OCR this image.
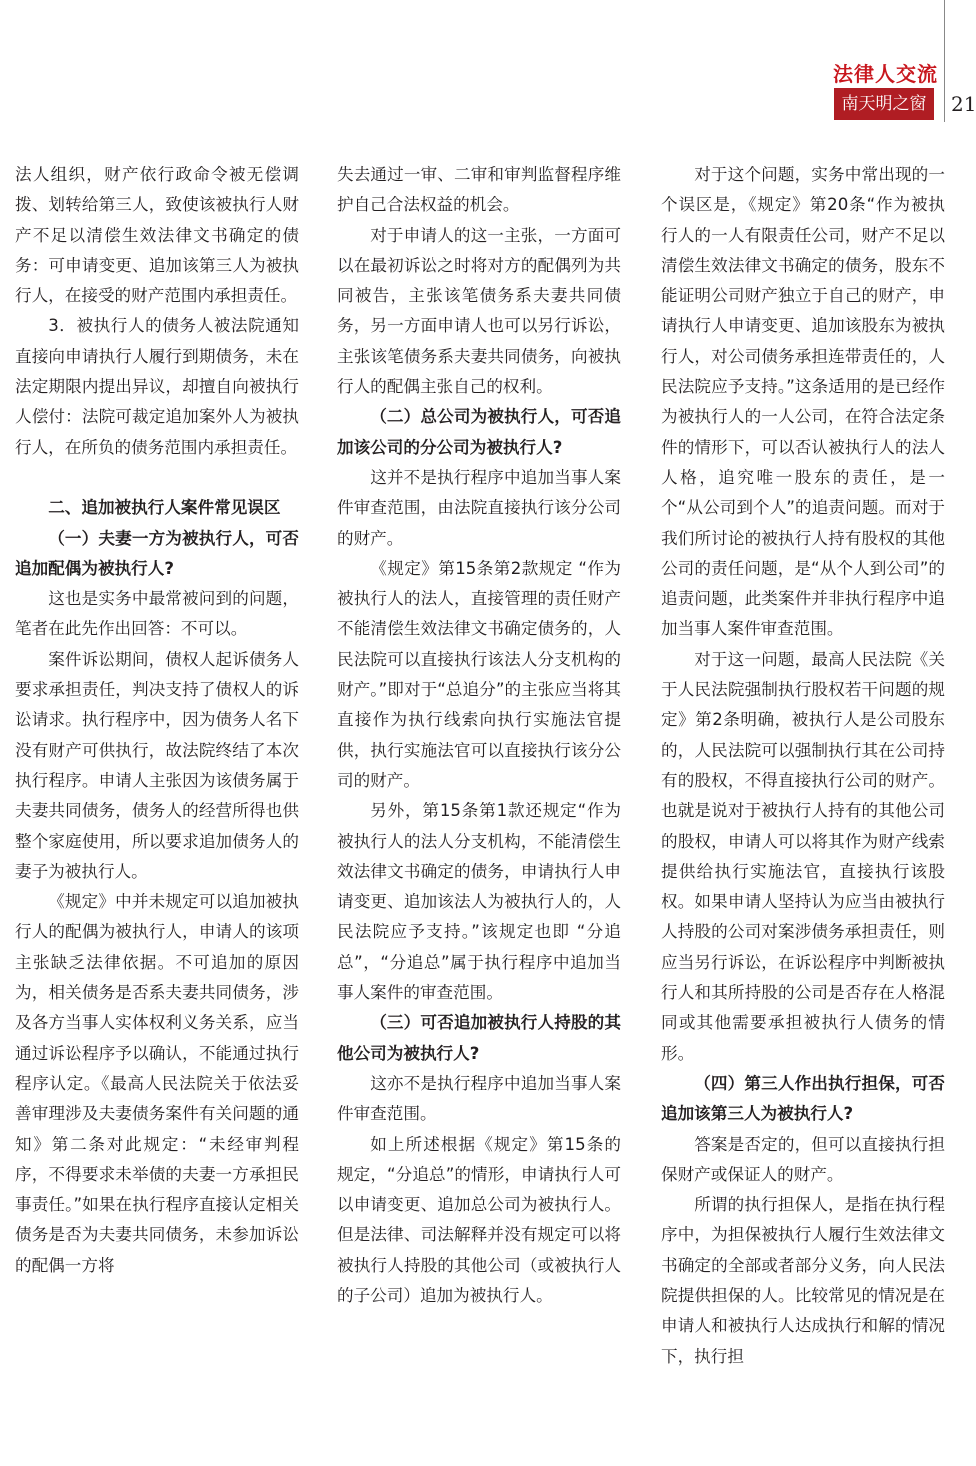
法律人交流
南天明之窗	21

法人组织，财产依行政命令被无偿调拨、划转给第三人，致使该被执行人财产不足以清偿生效法律文书确定的债务：可申请变更、追加该第三人为被执行人，在接受的财产范围内承担责任。

3．被执行人的债务人被法院通知直接向申请执行人履行到期债务，未在法定期限内提出异议，却擅自向被执行人偿付：法院可裁定追加案外人为被执行人，在所负的债务范围内承担责任。

二、追加被执行人案件常见误区

（一）夫妻一方为被执行人，可否追加配偶为被执行人?

这也是实务中最常被问到的问题，笔者在此先作出回答：不可以。

案件诉讼期间，债权人起诉债务人要求承担责任，判决支持了债权人的诉讼请求。执行程序中，因为债务人名下没有财产可供执行，故法院终结了本次执行程序。申请人主张因为该债务属于夫妻共同债务，债务人的经营所得也供整个家庭使用，所以要求追加债务人的妻子为被执行人。

《规定》中并未规定可以追加被执行人的配偶为被执行人，申请人的该项主张缺乏法律依据。不可追加的原因为，相关债务是否系夫妻共同债务，涉及各方当事人实体权利义务关系，应当通过诉讼程序予以确认，不能通过执行程序认定。《最高人民法院关于依法妥善审理涉及夫妻债务案件有关问题的通知》第二条对此规定：“未经审判程序，不得要求未举债的夫妻一方承担民事责任。”如果在执行程序直接认定相关债务是否为夫妻共同债务，未参加诉讼的配偶一方将

失去通过一审、二审和审判监督程序维护自己合法权益的机会。

对于申请人的这一主张，一方面可以在最初诉讼之时将对方的配偶列为共同被告，主张该笔债务系夫妻共同债务，另一方面申请人也可以另行诉讼，主张该笔债务系夫妻共同债务，向被执行人的配偶主张自己的权利。

（二）总公司为被执行人，可否追加该公司的分公司为被执行人?

这并不是执行程序中追加当事人案件审查范围，由法院直接执行该分公司的财产。

《规定》第15条第2款规定 “作为被执行人的法人，直接管理的责任财产不能清偿生效法律文书确定债务的，人民法院可以直接执行该法人分支机构的财产。”即对于“总追分”的主张应当将其直接作为执行线索向执行实施法官提供，执行实施法官可以直接执行该分公司的财产。

另外，第15条第1款还规定“作为被执行人的法人分支机构，不能清偿生效法律文书确定的债务，申请执行人申请变更、追加该法人为被执行人的，人民法院应予支持。”该规定也即 “分追总”，“分追总”属于执行程序中追加当事人案件的审查范围。

（三）可否追加被执行人持股的其他公司为被执行人?

这亦不是执行程序中追加当事人案件审查范围。

如上所述根据《规定》第15条的规定，“分追总”的情形，申请执行人可以申请变更、追加总公司为被执行人。但是法律、司法解释并没有规定可以将被执行人持股的其他公司（或被执行人的子公司）追加为被执行人。

对于这个问题，实务中常出现的一个误区是，《规定》第20条“作为被执行人的一人有限责任公司，财产不足以清偿生效法律文书确定的债务，股东不能证明公司财产独立于自己的财产，申请执行人申请变更、追加该股东为被执行人，对公司债务承担连带责任的，人民法院应予支持。”这条适用的是已经作为被执行人的一人公司，在符合法定条件的情形下，可以否认被执行人的法人人格，追究唯一股东的责任，是一个“从公司到个人”的追责问题。而对于我们所讨论的被执行人持有股权的其他公司的责任问题，是“从个人到公司”的追责问题，此类案件并非执行程序中追加当事人案件审查范围。

对于这一问题，最高人民法院《关于人民法院强制执行股权若干问题的规定》第2条明确，被执行人是公司股东的，人民法院可以强制执行其在公司持有的股权，不得直接执行公司的财产。也就是说对于被执行人持有的其他公司的股权，申请人可以将其作为财产线索提供给执行实施法官，直接执行该股权。如果申请人坚持认为应当由被执行人持股的公司对案涉债务承担责任，则应当另行诉讼，在诉讼程序中判断被执行人和其所持股的公司是否存在人格混同或其他需要承担被执行人债务的情形。

（四）第三人作出执行担保，可否追加该第三人为被执行人?

答案是否定的，但可以直接执行担保财产或保证人的财产。

所谓的执行担保人，是指在执行程序中，为担保被执行人履行生效法律文书确定的全部或者部分义务，向人民法院提供担保的人。比较常见的情况是在申请人和被执行人达成执行和解的情况下，执行担
